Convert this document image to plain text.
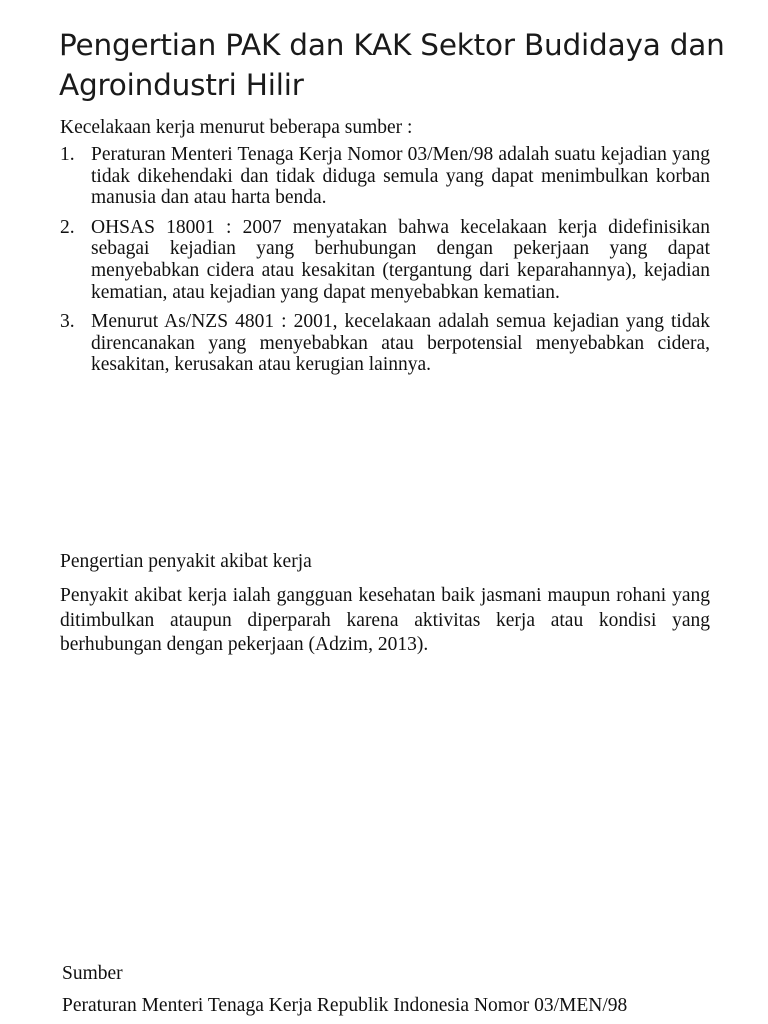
Pengertian PAK dan KAK Sektor Budidaya dan Agroindustri Hilir

Kecelakaan kerja menurut beberapa sumber :

1. Peraturan Menteri Tenaga Kerja Nomor 03/Men/98 adalah suatu kejadian yang tidak dikehendaki dan tidak diduga semula yang dapat menimbulkan korban manusia dan atau harta benda.
2. OHSAS 18001 : 2007 menyatakan bahwa kecelakaan kerja didefinisikan sebagai kejadian yang berhubungan dengan pekerjaan yang dapat menyebabkan cidera atau kesakitan (tergantung dari keparahannya), kejadian kematian, atau kejadian yang dapat menyebabkan kematian.
3. Menurut As/NZS 4801 : 2001, kecelakaan adalah semua kejadian yang tidak direncanakan yang menyebabkan atau berpotensial menyebabkan cidera, kesakitan, kerusakan atau kerugian lainnya.

Pengertian penyakit akibat kerja

Penyakit akibat kerja ialah gangguan kesehatan baik jasmani maupun rohani yang ditimbulkan ataupun diperparah karena aktivitas kerja atau kondisi yang berhubungan dengan pekerjaan (Adzim, 2013).

Sumber

Peraturan Menteri Tenaga Kerja Republik Indonesia Nomor 03/MEN/98
